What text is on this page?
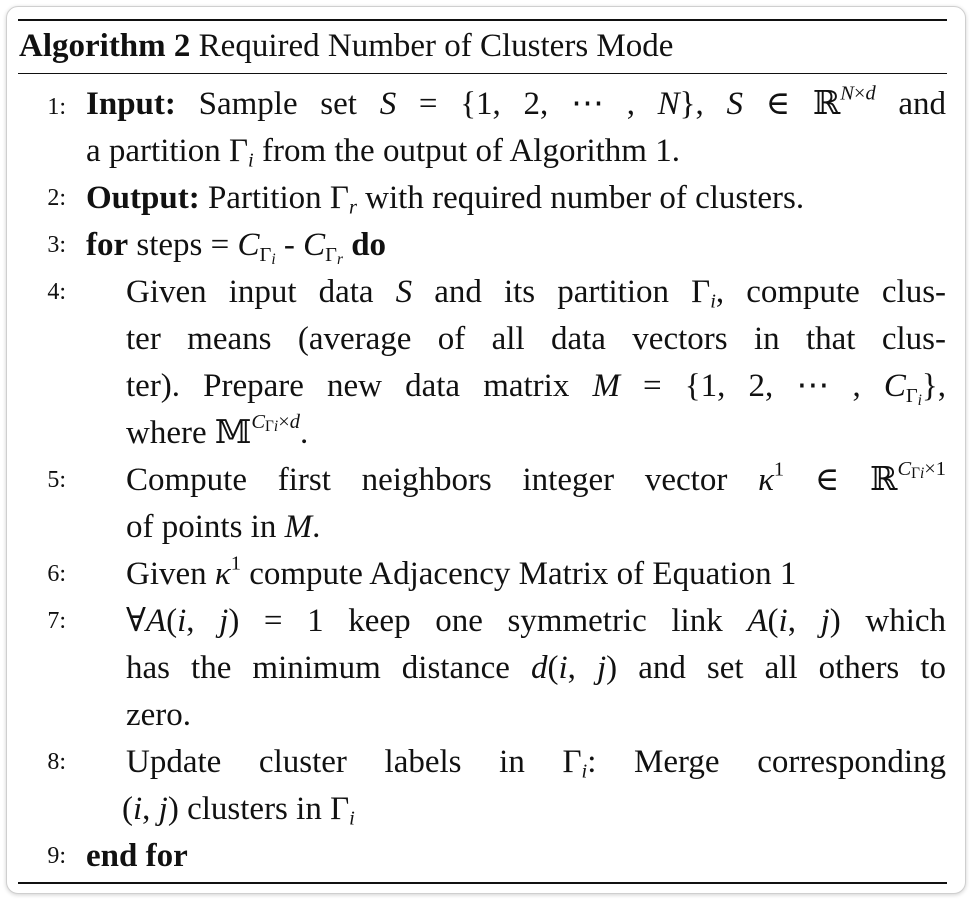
Algorithm 2 Required Number of Clusters Mode
1: Input: Sample set S = {1, 2, ⋯ , N}, S ∈ ℝ$^{N\times d}$ and
a partition $\Gamma_i$ from the output of Algorithm 1.
2: Output: Partition $\Gamma_r$ with required number of clusters.
3: for steps = $C_{\Gamma i} - C_{\Gamma r}$ do
4: Given input data S and its partition $\Gamma_i$, compute clus-
ter means (average of all data vectors in that clus-
ter). Prepare new data matrix M = {1, 2, ⋯ , $C_{\Gamma i}$},
where 𝕄$^{C\Gamma i\times d}$.
5: Compute first neighbors integer vector $\kappa^1$ ∈ ℝ$^{C\Gamma i\times 1}$
of points in M.
6: Given $\kappa^1$ compute Adjacency Matrix of Equation 1
7: ∀A(i, j) = 1 keep one symmetric link A(i, j) which
has the minimum distance d(i, j) and set all others to
zero.
8: Update cluster labels in $\Gamma_i$: Merge corresponding
(i, j) clusters in $\Gamma_i$
9: end for
